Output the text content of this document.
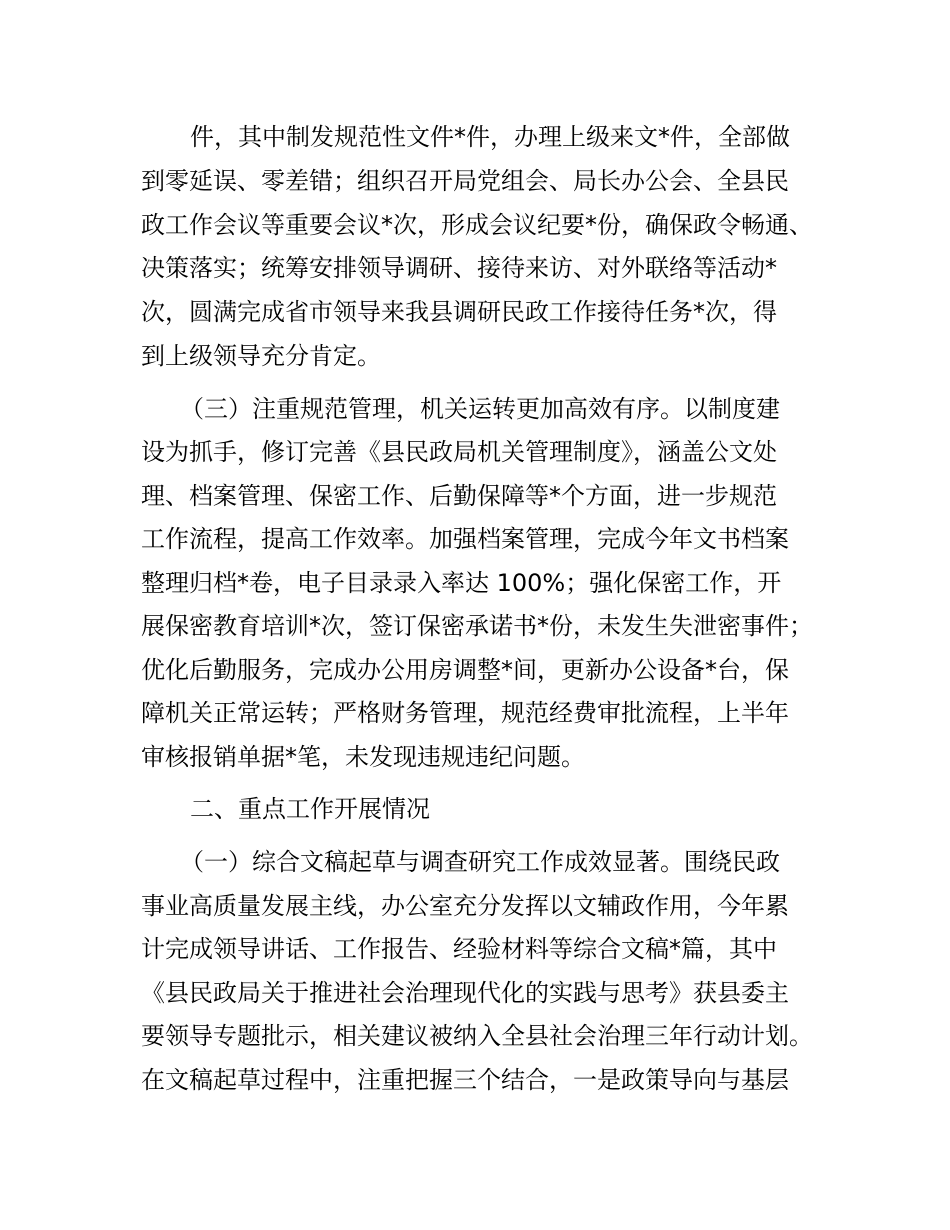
件，其中制发规范性文件*件，办理上级来文*件，全部做
到零延误、零差错；组织召开局党组会、局长办公会、全县民
政工作会议等重要会议*次，形成会议纪要*份，确保政令畅通、
决策落实；统筹安排领导调研、接待来访、对外联络等活动*
次，圆满完成省市领导来我县调研民政工作接待任务*次，得
到上级领导充分肯定。
（三）注重规范管理，机关运转更加高效有序。以制度建
设为抓手，修订完善《县民政局机关管理制度》，涵盖公文处
理、档案管理、保密工作、后勤保障等*个方面，进一步规范
工作流程，提高工作效率。加强档案管理，完成今年文书档案
整理归档*卷，电子目录录入率达 100%；强化保密工作，开
展保密教育培训*次，签订保密承诺书*份，未发生失泄密事件；
优化后勤服务，完成办公用房调整*间，更新办公设备*台，保
障机关正常运转；严格财务管理，规范经费审批流程，上半年
审核报销单据*笔，未发现违规违纪问题。
二、重点工作开展情况
（一）综合文稿起草与调查研究工作成效显著。围绕民政
事业高质量发展主线，办公室充分发挥以文辅政作用，今年累
计完成领导讲话、工作报告、经验材料等综合文稿*篇，其中
《县民政局关于推进社会治理现代化的实践与思考》获县委主
要领导专题批示，相关建议被纳入全县社会治理三年行动计划。
在文稿起草过程中，注重把握三个结合，一是政策导向与基层
